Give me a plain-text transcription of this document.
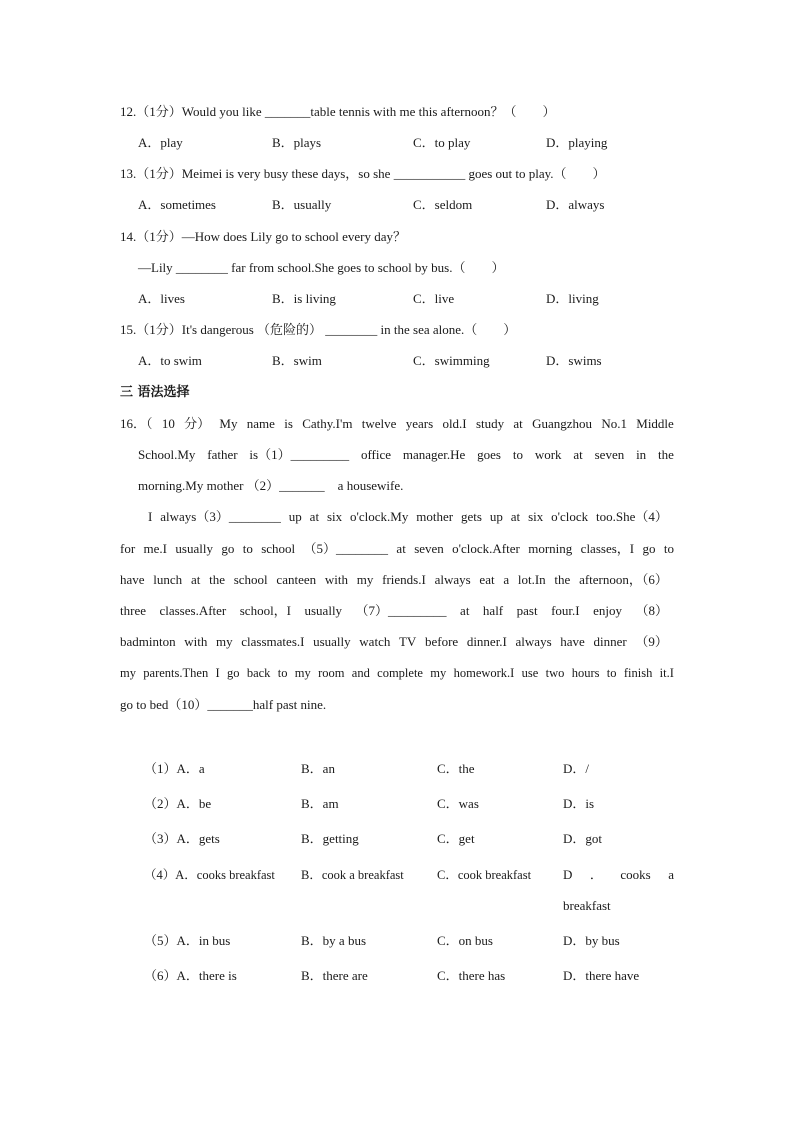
12.（1分）Would you like _______table tennis with me this afternoon？（　　）
A．play	B．plays	C．to play	D．playing
13.（1分）Meimei is very busy these days，so she ___________ goes out to play.（　　）
A．sometimes	B．usually	C．seldom	D．always
14.（1分）—How does Lily go to school every day？
—Lily ________ far from school.She goes to school by bus.（　　）
A．lives	B．is living	C．live	D．living
15.（1分）It's dangerous （危险的） ________ in the sea alone.（　　）
A．to swim	B．swim	C．swimming	D．swims
三 语法选择
16．（ 10 分） My name is Cathy.I'm twelve years old.I study at Guangzhou No.1 Middle
School.My father is（1）_________ office manager.He goes to work at seven in the
morning.My mother （2）_______　a housewife.
I always（3）________ up at six o'clock.My mother gets up at six o'clock too.She（4）
for me.I usually go to school （5）________ at seven o'clock.After morning classes，I go to
have lunch at the school canteen with my friends.I always eat a lot.In the afternoon，（6）
three classes.After school，I usually （7）_________ at half past four.I enjoy （8）
badminton with my classmates.I usually watch TV before dinner.I always have dinner （9）
my parents.Then I go back to my room and complete my homework.I use two hours to finish it.I
go to bed（10）_______half past nine.
（1）A．a	B．an	C．the	D．/
（2）A．be	B．am	C．was	D．is
（3）A．gets	B．getting	C．get	D．got
（4）A．cooks breakfast B．cook a breakfast	C．cook breakfast D ． cooks a
breakfast
（5）A．in bus	B．by a bus	C．on bus	D．by bus
（6）A．there is	B．there are	C．there has	D．there have
